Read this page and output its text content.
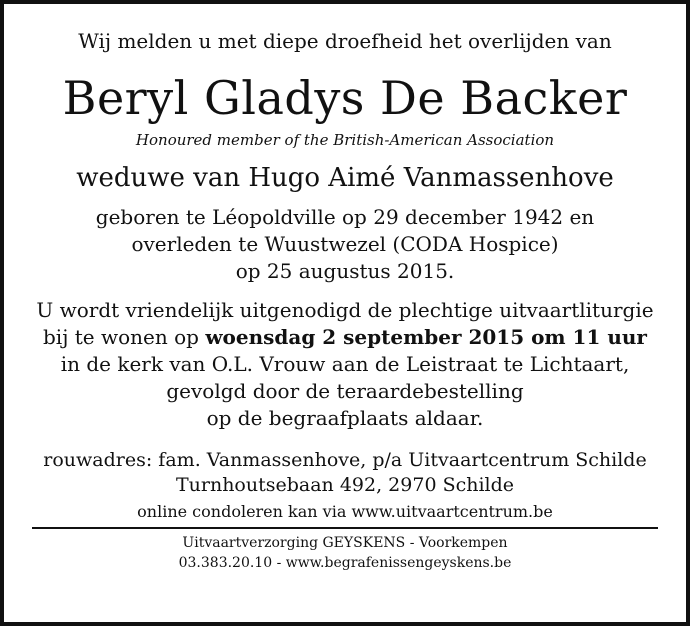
Wij melden u met diepe droefheid het overlijden van

Beryl Gladys De Backer

Honoured member of the British-American Association

weduwe van Hugo Aimé Vanmassenhove

geboren te Léopoldville op 29 december 1942 en
overleden te Wuustwezel (CODA Hospice)
op 25 augustus 2015.

U wordt vriendelijk uitgenodigd de plechtige uitvaartliturgie
bij te wonen op woensdag 2 september 2015 om 11 uur
in de kerk van O.L. Vrouw aan de Leistraat te Lichtaart,
gevolgd door de teraardebestelling
op de begraafplaats aldaar.

rouwadres: fam. Vanmassenhove, p/a Uitvaartcentrum Schilde
Turnhoutsebaan 492, 2970 Schilde

online condoleren kan via www.uitvaartcentrum.be

Uitvaartverzorging GEYSKENS - Voorkempen
03.383.20.10 - www.begrafenissengeyskens.be
